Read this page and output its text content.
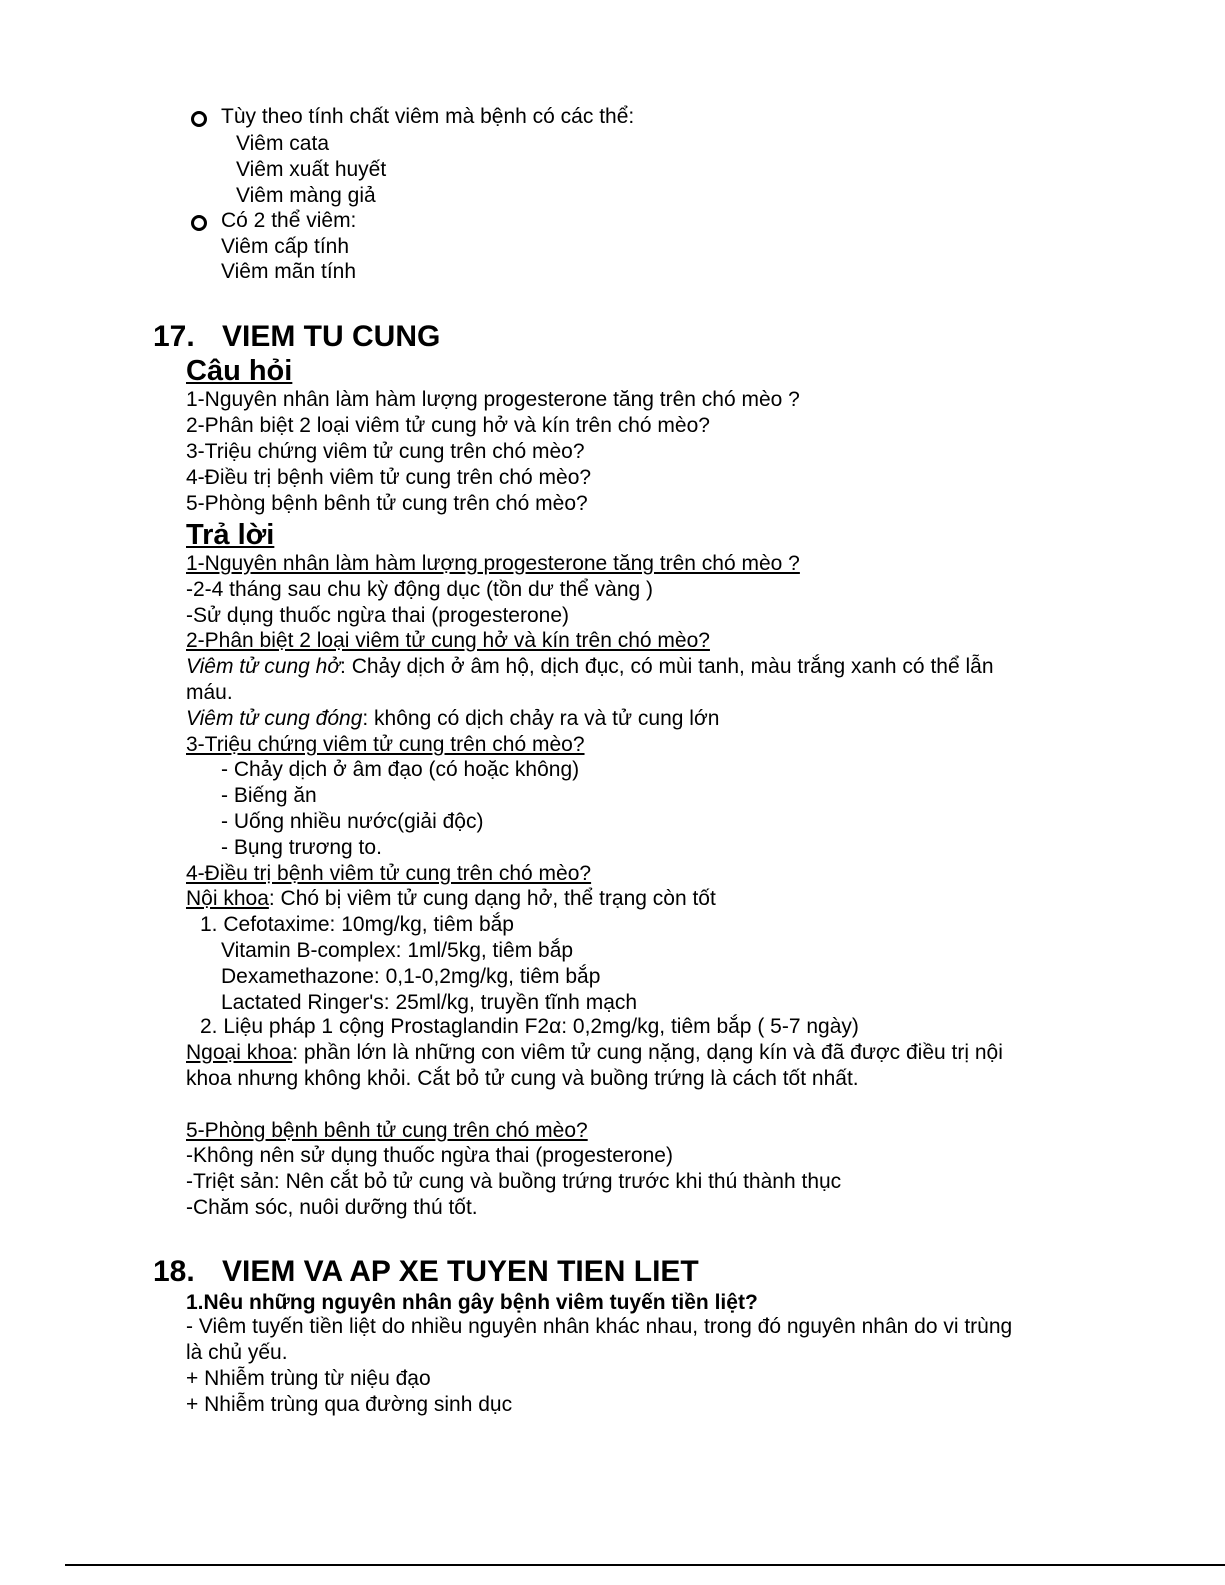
Tùy theo tính chất viêm mà bệnh có các thể:
Viêm cata
Viêm xuất huyết
Viêm màng giả
Có 2 thể viêm:
Viêm cấp tính
Viêm mãn tính
17. VIEM TU CUNG
Câu hỏi
1-Nguyên nhân làm hàm lượng progesterone tăng trên chó mèo ?
2-Phân biệt 2 loại viêm tử cung hở và kín trên chó mèo?
3-Triệu chứng viêm tử cung trên chó mèo?
4-Điều trị bệnh viêm tử cung trên chó mèo?
5-Phòng bệnh bênh tử cung trên chó mèo?
Trả lời
1-Nguyên nhân làm hàm lượng progesterone tăng trên chó mèo ?
-2-4 tháng sau chu kỳ động dục (tồn dư thể vàng )
-Sử dụng thuốc ngừa thai (progesterone)
2-Phân biệt 2 loại viêm tử cung hở và kín trên chó mèo?
Viêm tử cung hở: Chảy dịch ở âm hộ, dịch đục, có mùi tanh, màu trắng xanh có thể lẫn
máu.
Viêm tử cung đóng: không có dịch chảy ra và tử cung lớn
3-Triệu chứng viêm tử cung trên chó mèo?
- Chảy dịch ở âm đạo (có hoặc không)
- Biếng ăn
- Uống nhiều nước(giải độc)
- Bụng trương to.
4-Điều trị bệnh viêm tử cung trên chó mèo?
Nội khoa: Chó bị viêm tử cung dạng hở, thể trạng còn tốt
1. Cefotaxime: 10mg/kg, tiêm bắp
Vitamin B-complex: 1ml/5kg, tiêm bắp
Dexamethazone: 0,1-0,2mg/kg, tiêm bắp
Lactated Ringer's: 25ml/kg, truyền tĩnh mạch
2. Liệu pháp 1 cộng Prostaglandin F2α: 0,2mg/kg, tiêm bắp ( 5-7 ngày)
Ngoại khoa: phần lớn là những con viêm tử cung nặng, dạng kín và đã được điều trị nội
khoa nhưng không khỏi. Cắt bỏ tử cung và buồng trứng là cách tốt nhất.
5-Phòng bệnh bênh tử cung trên chó mèo?
-Không nên sử dụng thuốc ngừa thai (progesterone)
-Triệt sản: Nên cắt bỏ tử cung và buồng trứng trước khi thú thành thục
-Chăm sóc, nuôi dưỡng thú tốt.
18. VIEM VA AP XE TUYEN TIEN LIET
1.Nêu những nguyên nhân gây bệnh viêm tuyến tiền liệt?
- Viêm tuyến tiền liệt do nhiều nguyên nhân khác nhau, trong đó nguyên nhân do vi trùng
là chủ yếu.
+ Nhiễm trùng từ niệu đạo
+ Nhiễm trùng qua đường sinh dục
